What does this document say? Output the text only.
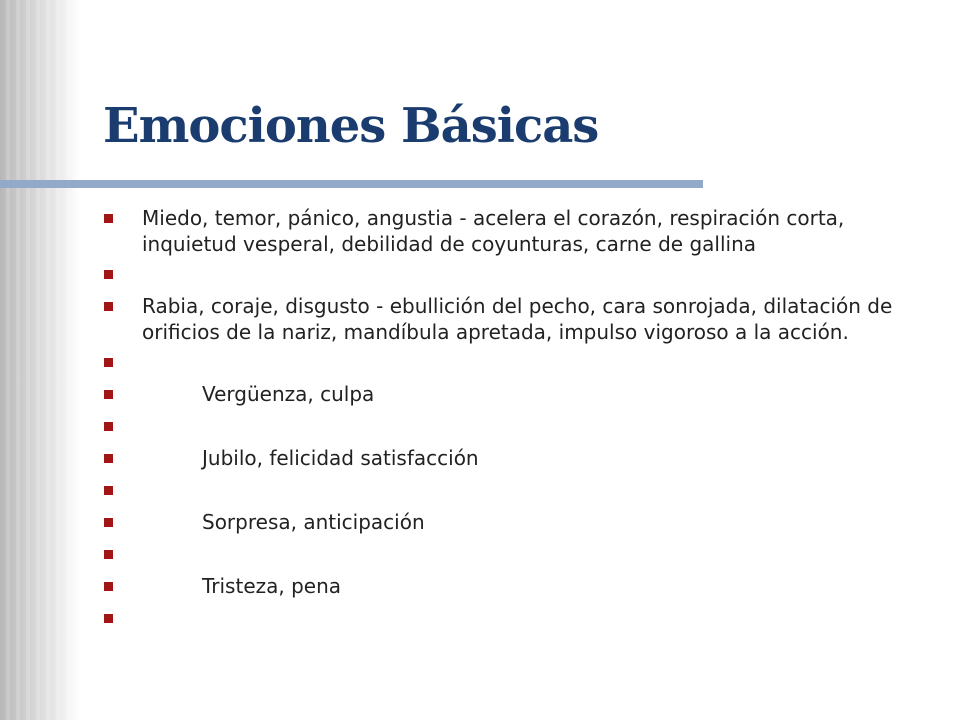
Emociones Básicas
Miedo, temor, pánico, angustia - acelera el corazón, respiración corta, inquietud vesperal, debilidad de coyunturas, carne de gallina
Rabia, coraje, disgusto - ebullición del pecho, cara sonrojada, dilatación de orificios de la nariz, mandíbula apretada, impulso vigoroso a la acción.
Vergüenza, culpa
Jubilo, felicidad satisfacción
Sorpresa, anticipación
Tristeza, pena
